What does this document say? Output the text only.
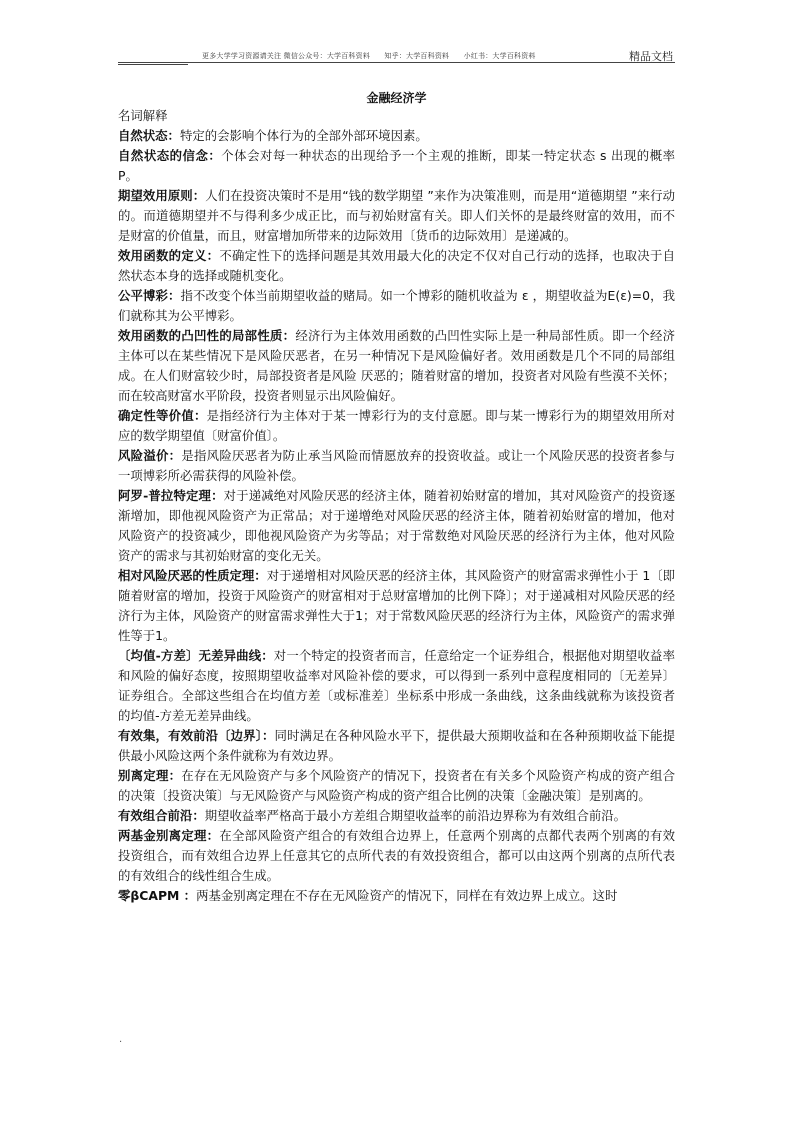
更多大学学习资源请关注 微信公众号：大学百科资料　　知乎：大学百科资料　　小红书：大学百科资料	精品文档
金融经济学

名词解释

自然状态：特定的会影响个体行为的全部外部环境因素。

自然状态的信念：个体会对每一种状态的出现给予一个主观的推断，即某一特定状态 s 出现的概率 P。

期望效用原则：人们在投资决策时不是用“钱的数学期望 ”来作为决策准则，而是用“道德期望 ”来行动的。而道德期望并不与得利多少成正比，而与初始财富有关。即人们关怀的是最终财富的效用，而不是财富的价值量，而且，财富增加所带来的边际效用〔货币的边际效用〕是递减的。

效用函数的定义：不确定性下的选择问题是其效用最大化的决定不仅对自己行动的选择，也取决于自然状态本身的选择或随机变化。

公平博彩：指不改变个体当前期望收益的赌局。如一个博彩的随机收益为 ε ，期望收益为E(ε)=0，我们就称其为公平博彩。

效用函数的凸凹性的局部性质：经济行为主体效用函数的凸凹性实际上是一种局部性质。即一个经济主体可以在某些情况下是风险厌恶者，在另一种情况下是风险偏好者。效用函数是几个不同的局部组成。在人们财富较少时，局部投资者是风险 厌恶的；随着财富的增加，投资者对风险有些漠不关怀；而在较高财富水平阶段，投资者则显示出风险偏好。

确定性等价值：是指经济行为主体对于某一博彩行为的支付意愿。即与某一博彩行为的期望效用所对应的数学期望值〔财富价值〕。

风险溢价：是指风险厌恶者为防止承当风险而情愿放弃的投资收益。或让一个风险厌恶的投资者参与一项博彩所必需获得的风险补偿。

阿罗-普拉特定理：对于递减绝对风险厌恶的经济主体，随着初始财富的增加，其对风险资产的投资逐渐增加，即他视风险资产为正常品；对于递增绝对风险厌恶的经济主体，随着初始财富的增加，他对风险资产的投资减少，即他视风险资产为劣等品；对于常数绝对风险厌恶的经济行为主体，他对风险资产的需求与其初始财富的变化无关。

相对风险厌恶的性质定理：对于递增相对风险厌恶的经济主体，其风险资产的财富需求弹性小于 1〔即随着财富的增加，投资于风险资产的财富相对于总财富增加的比例下降〕；对于递减相对风险厌恶的经济行为主体，风险资产的财富需求弹性大于1；对于常数风险厌恶的经济行为主体，风险资产的需求弹性等于1。

〔均值-方差〕无差异曲线：对一个特定的投资者而言，任意给定一个证券组合，根据他对期望收益率和风险的偏好态度，按照期望收益率对风险补偿的要求，可以得到一系列中意程度相同的〔无差异〕证券组合。全部这些组合在均值方差〔或标准差〕坐标系中形成一条曲线，这条曲线就称为该投资者的均值-方差无差异曲线。

有效集，有效前沿〔边界〕：同时满足在各种风险水平下，提供最大预期收益和在各种预期收益下能提供最小风险这两个条件就称为有效边界。

别离定理：在存在无风险资产与多个风险资产的情况下，投资者在有关多个风险资产构成的资产组合的决策〔投资决策〕与无风险资产与风险资产构成的资产组合比例的决策〔金融决策〕是别离的。

有效组合前沿：期望收益率严格高于最小方差组合期望收益率的前沿边界称为有效组合前沿。

两基金别离定理：在全部风险资产组合的有效组合边界上，任意两个别离的点都代表两个别离的有效投资组合，而有效组合边界上任意其它的点所代表的有效投资组合，都可以由这两个别离的点所代表的有效组合的线性组合生成。

零βCAPM ：两基金别离定理在不存在无风险资产的情况下，同样在有效边界上成立。这时

.
